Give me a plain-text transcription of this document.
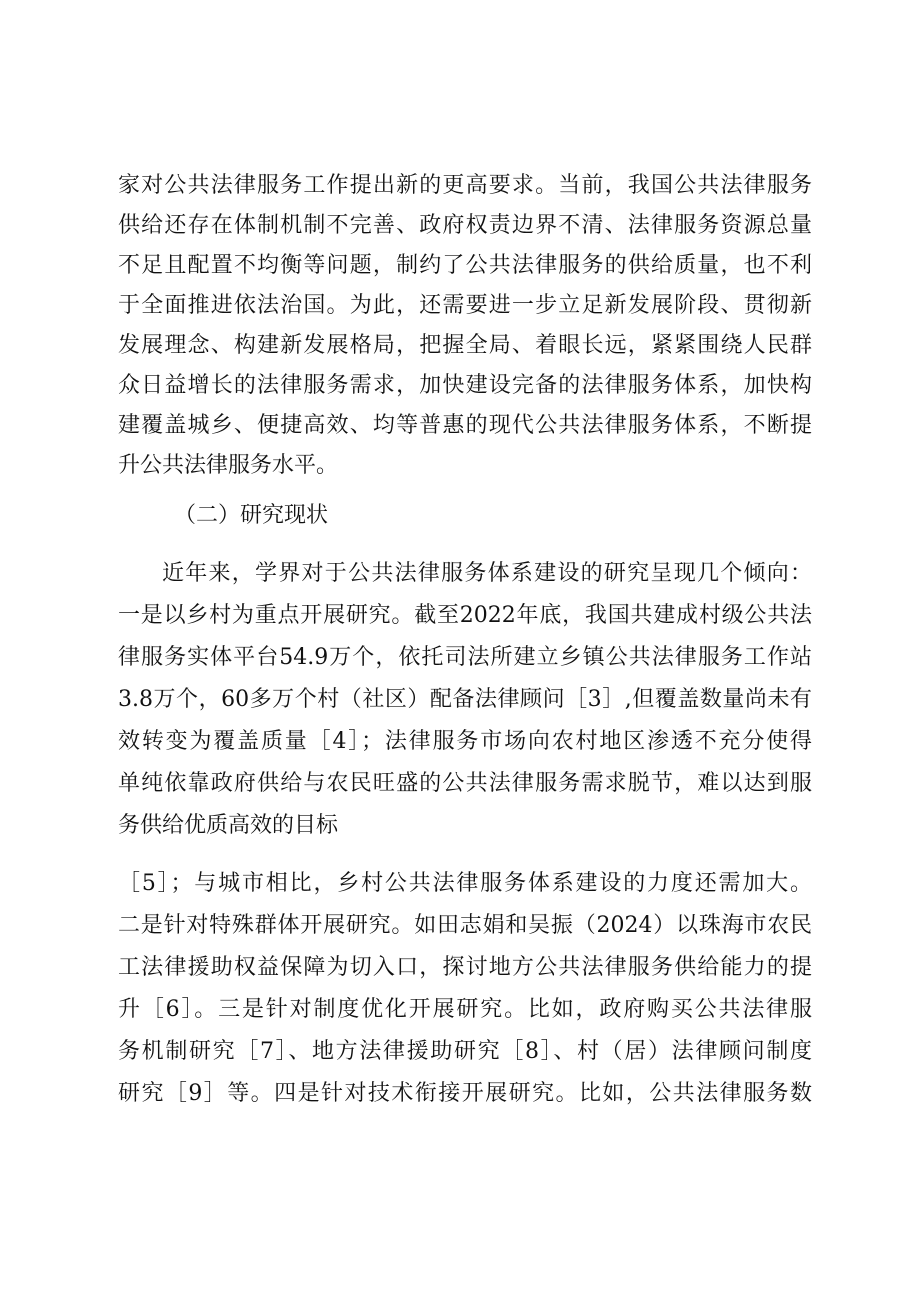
家对公共法律服务工作提出新的更高要求。当前，我国公共法律服务
供给还存在体制机制不完善、政府权责边界不清、法律服务资源总量
不足且配置不均衡等问题，制约了公共法律服务的供给质量，也不利
于全面推进依法治国。为此，还需要进一步立足新发展阶段、贯彻新
发展理念、构建新发展格局，把握全局、着眼长远，紧紧围绕人民群
众日益增长的法律服务需求，加快建设完备的法律服务体系，加快构
建覆盖城乡、便捷高效、均等普惠的现代公共法律服务体系，不断提
升公共法律服务水平。
（二）研究现状
近年来，学界对于公共法律服务体系建设的研究呈现几个倾向：
一是以乡村为重点开展研究。截至2022年底，我国共建成村级公共法
律服务实体平台54.9万个，依托司法所建立乡镇公共法律服务工作站
3.8万个，60多万个村（社区）配备法律顾问［3］,但覆盖数量尚未有
效转变为覆盖质量［4］；法律服务市场向农村地区渗透不充分使得
单纯依靠政府供给与农民旺盛的公共法律服务需求脱节，难以达到服
务供给优质高效的目标
［5］；与城市相比，乡村公共法律服务体系建设的力度还需加大。
二是针对特殊群体开展研究。如田志娟和吴振（2024）以珠海市农民
工法律援助权益保障为切入口，探讨地方公共法律服务供给能力的提
升［6］。三是针对制度优化开展研究。比如，政府购买公共法律服
务机制研究［7］、地方法律援助研究［8］、村（居）法律顾问制度
研究［9］等。四是针对技术衔接开展研究。比如，公共法律服务数
